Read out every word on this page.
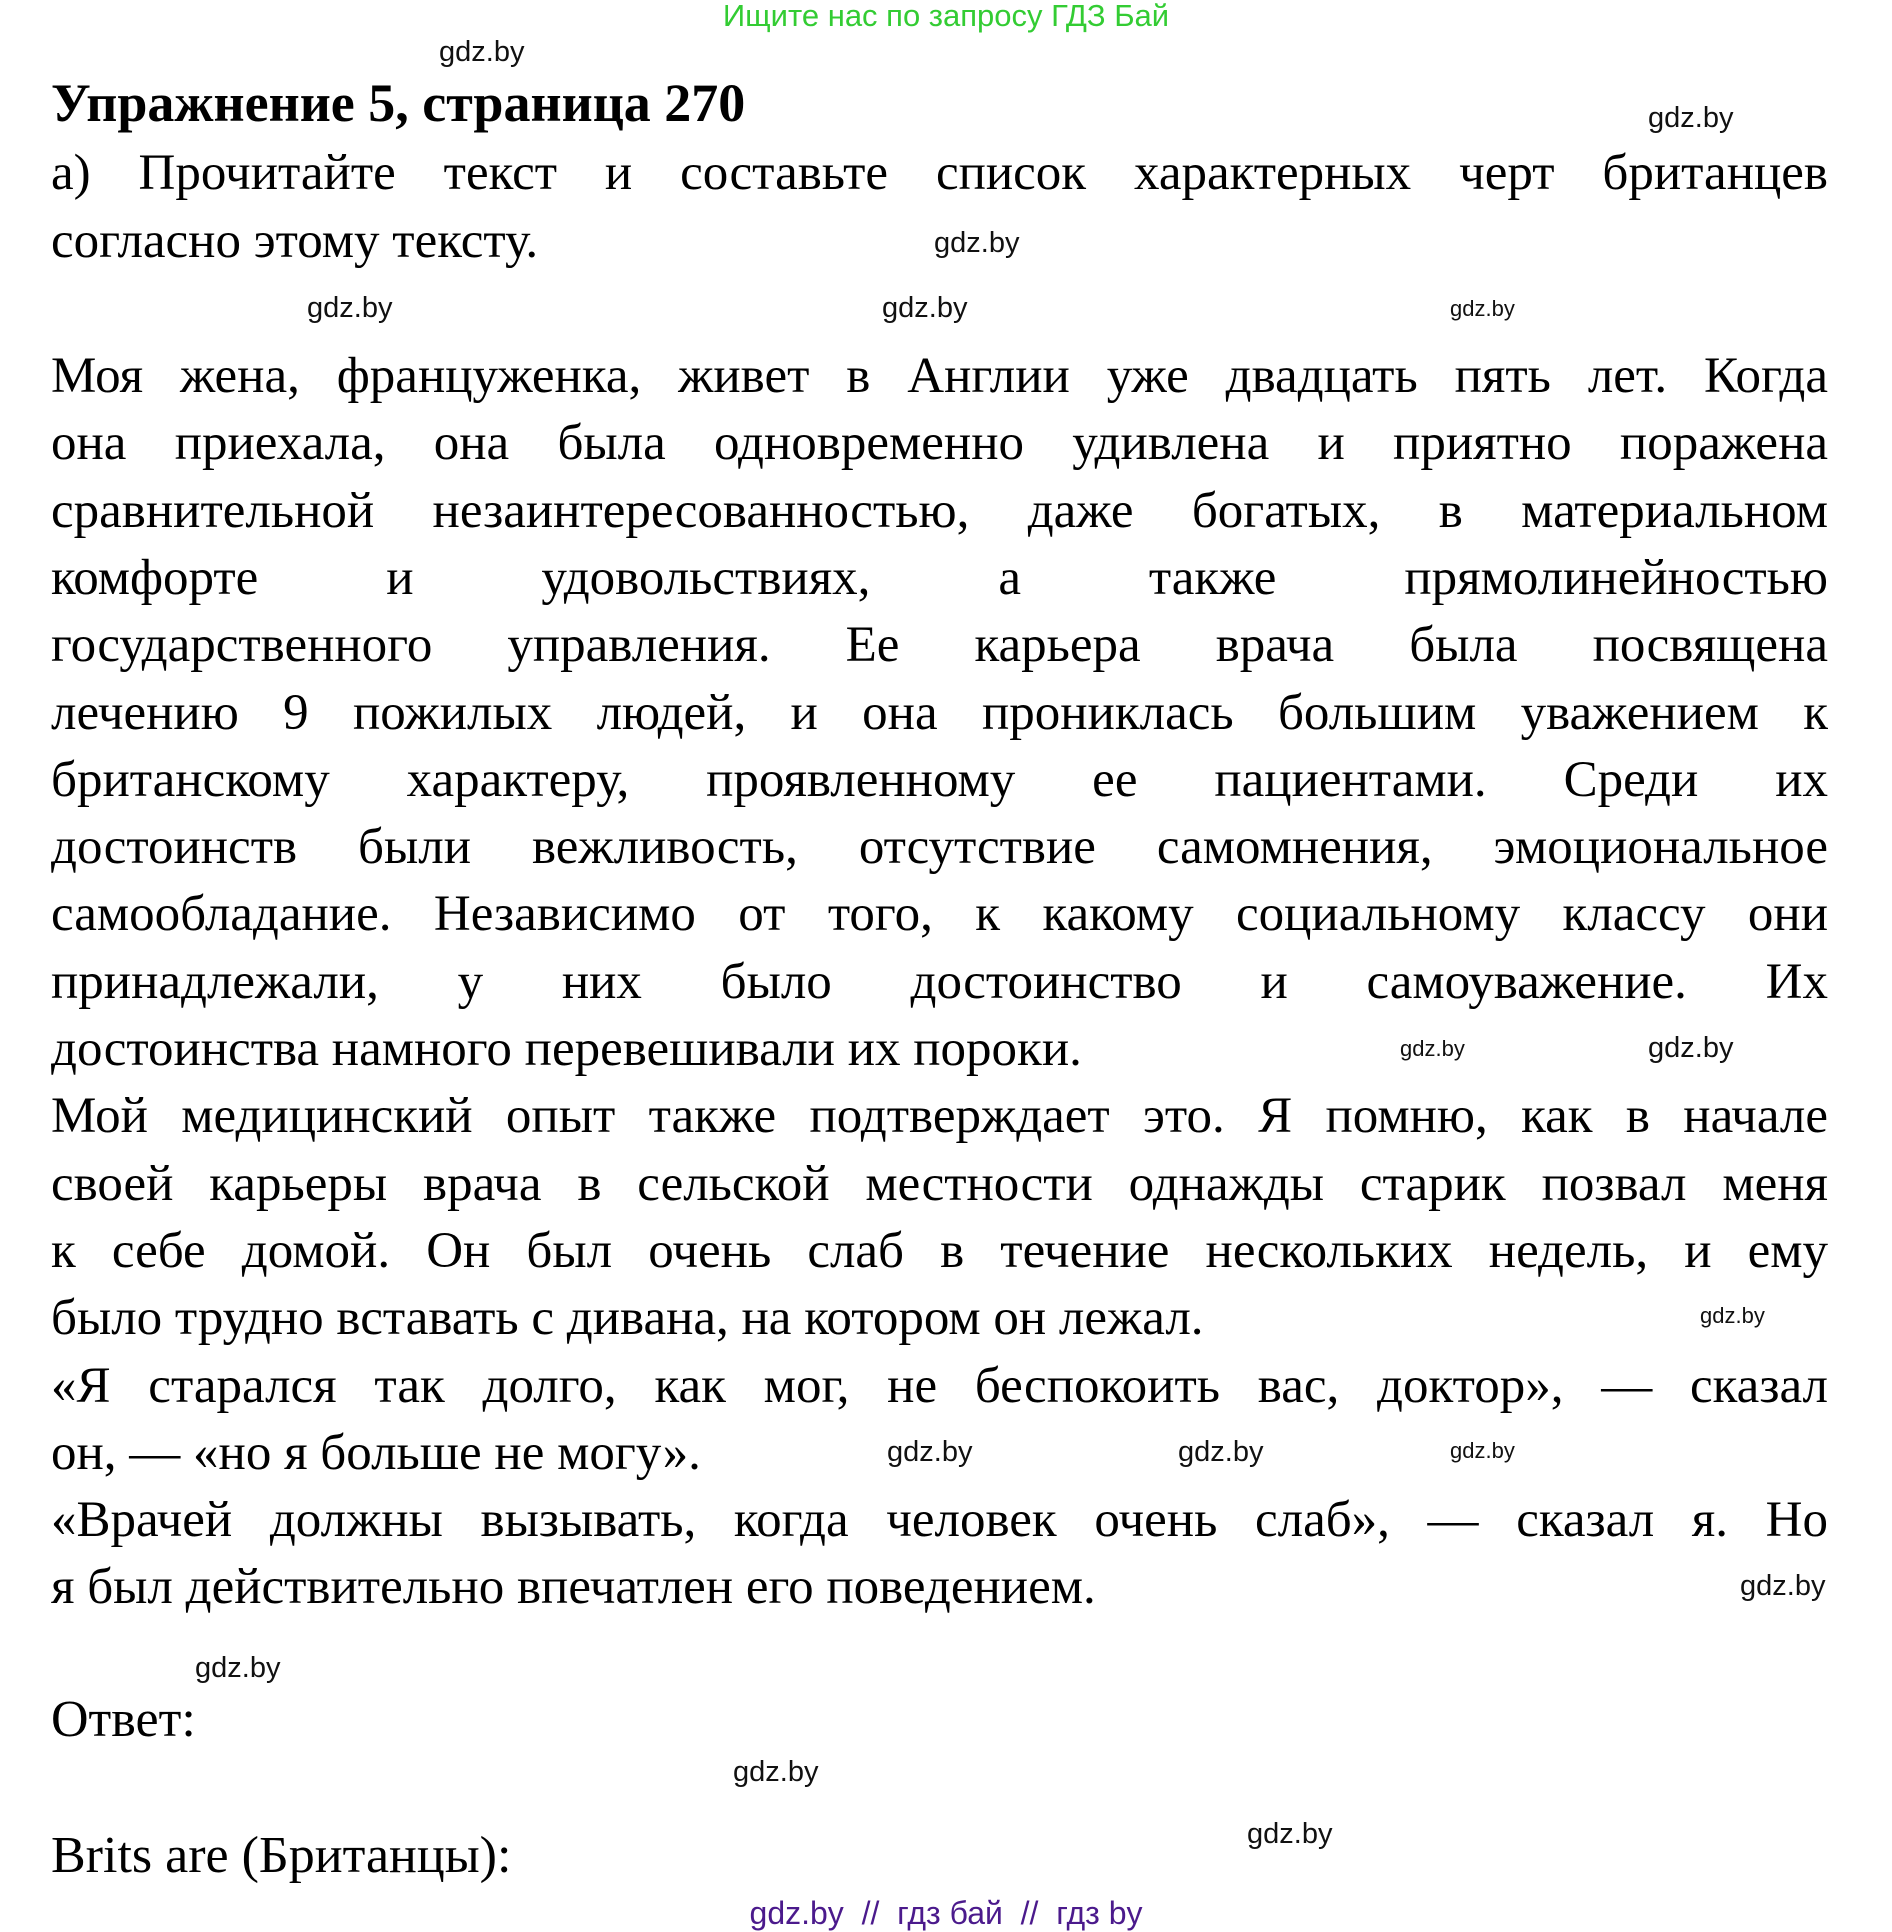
Ищите нас по запросу ГДЗ Бай
Упражнение 5, страница 270
а) Прочитайте текст и составьте список характерных черт британцев
согласно этому тексту.
Моя жена, француженка, живет в Англии уже двадцать пять лет. Когда
она приехала, она была одновременно удивлена и приятно поражена
сравнительной незаинтересованностью, даже богатых, в материальном
комфорте и удовольствиях, а также прямолинейностью
государственного управления. Ее карьера врача была посвящена
лечению 9 пожилых людей, и она прониклась большим уважением к
британскому характеру, проявленному ее пациентами. Среди их
достоинств были вежливость, отсутствие самомнения, эмоциональное
самообладание. Независимо от того, к какому социальному классу они
принадлежали, у них было достоинство и самоуважение. Их
достоинства намного перевешивали их пороки.
Мой медицинский опыт также подтверждает это. Я помню, как в начале
своей карьеры врача в сельской местности однажды старик позвал меня
к себе домой. Он был очень слаб в течение нескольких недель, и ему
было трудно вставать с дивана, на котором он лежал.
«Я старался так долго, как мог, не беспокоить вас, доктор», — сказал
он, — «но я больше не могу».
«Врачей должны вызывать, когда человек очень слаб», — сказал я. Но
я был действительно впечатлен его поведением.
Ответ:
Brits are (Британцы):
gdz.by
gdz.by
gdz.by
gdz.by	gdz.by	gdz.by
gdz.by
gdz.by
gdz.by
gdz.by
gdz.by
gdz.by
gdz.by
gdz.by
gdz.by
gdz.by
gdz.by  //  гдз бай  //  гдз by
